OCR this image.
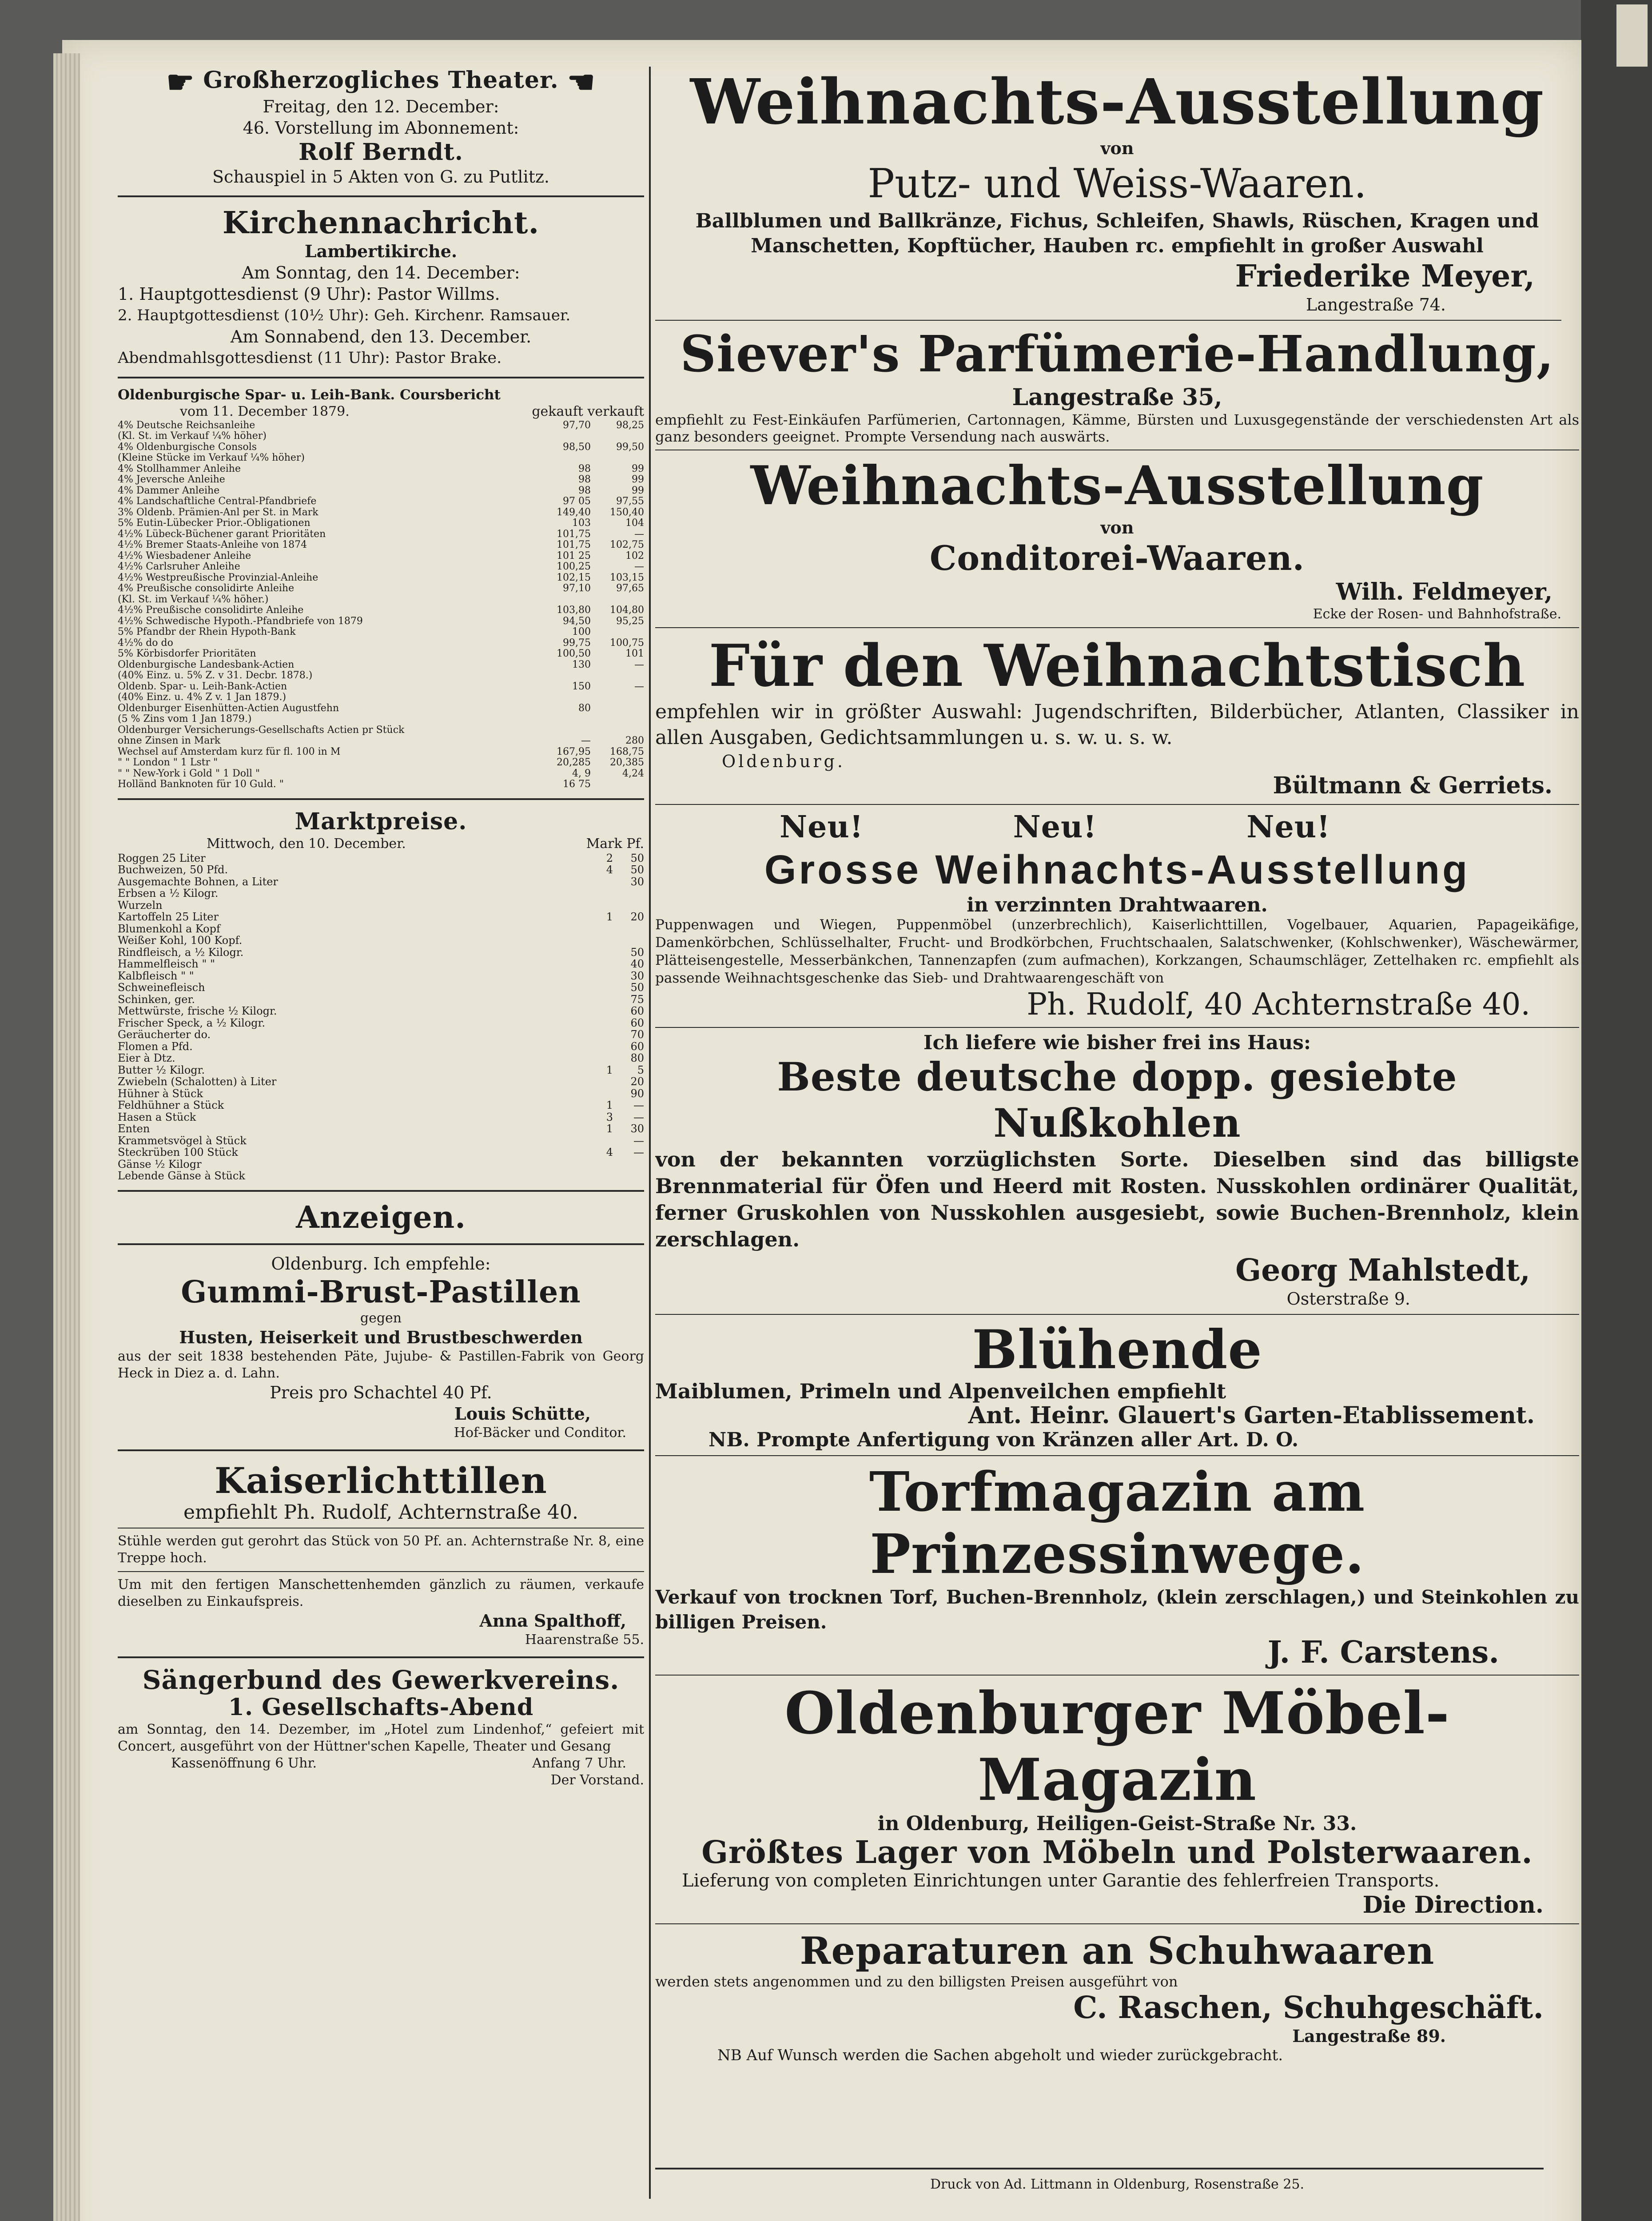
☛ Großherzogliches Theater. ☚
Freitag, den 12. December:
46. Vorstellung im Abonnement:
Rolf Berndt.
Schauspiel in 5 Akten von G. zu Putlitz.
Kirchennachricht.
Lambertikirche.
Am Sonntag, den 14. December:
1. Hauptgottesdienst (9 Uhr): Pastor Willms.
2. Hauptgottesdienst (10½ Uhr): Geh. Kirchenr. Ramsauer.
Am Sonnabend, den 13. December.
Abendmahlsgottesdienst (11 Uhr): Pastor Brake.
Oldenburgische Spar- u. Leih-Bank. Coursbericht
vom 11. December 1879.	gekauft verkauft
4% Deutsche Reichsanleihe	97,70	98,25
(Kl. St. im Verkauf ¼% höher)		
4% Oldenburgische Consols	98,50	99,50
(Kleine Stücke im Verkauf ¼% höher)		
4% Stollhammer Anleihe	98	99
4% Jeversche Anleihe	98	99
4% Dammer Anleihe	98	99
4% Landschaftliche Central-Pfandbriefe	97 05	97,55
3% Oldenb. Prämien-Anl per St. in Mark	149,40	150,40
5% Eutin-Lübecker Prior.-Obligationen	103	104
4½% Lübeck-Büchener garant Prioritäten	101,75	—
4½% Bremer Staats-Anleihe von 1874	101,75	102,75
4½% Wiesbadener Anleihe	101 25	102
4½% Carlsruher Anleihe	100,25	—
4½% Westpreußische Provinzial-Anleihe	102,15	103,15
4% Preußische consolidirte Anleihe	97,10	97,65
(Kl. St. im Verkauf ¼% höher.)		
4½% Preußische consolidirte Anleihe	103,80	104,80
4½% Schwedische Hypoth.-Pfandbriefe von 1879	94,50	95,25
5% Pfandbr der Rhein Hypoth-Bank	100	
4½% do do	99,75	100,75
5% Körbisdorfer Prioritäten	100,50	101
Oldenburgische Landesbank-Actien	130	—
(40% Einz. u. 5% Z. v 31. Decbr. 1878.)		
Oldenb. Spar- u. Leih-Bank-Actien	150	—
(40% Einz. u. 4% Z v. 1 Jan 1879.)		
Oldenburger Eisenhütten-Actien Augustfehn	80	
(5 % Zins vom 1 Jan 1879.)		
Oldenburger Versicherungs-Gesellschafts Actien pr Stück		
ohne Zinsen in Mark	—	280
Wechsel auf Amsterdam kurz für fl. 100 in M	167,95	168,75
" " London " 1 Lstr "	20,285	20,385
" " New-York i Gold " 1 Doll "	4, 9	4,24
Holländ Banknoten für 10 Guld. "	16 75	
Marktpreise.
Mittwoch, den 10. December.	Mark Pf.
Roggen 25 Liter	2	50
Buchweizen, 50 Pfd.	4	50
Ausgemachte Bohnen, a Liter		30
Erbsen a ½ Kilogr.		
Wurzeln		
Kartoffeln 25 Liter	1	20
Blumenkohl a Kopf		
Weißer Kohl, 100 Kopf.		
Rindfleisch, a ½ Kilogr.		50
Hammelfleisch " "		40
Kalbfleisch " "		30
Schweinefleisch		50
Schinken, ger.		75
Mettwürste, frische ½ Kilogr.		60
Frischer Speck, a ½ Kilogr.		60
Geräucherter do.		70
Flomen a Pfd.		60
Eier à Dtz.		80
Butter ½ Kilogr.	1	5
Zwiebeln (Schalotten) à Liter		20
Hühner à Stück		90
Feldhühner a Stück	1	—
Hasen a Stück	3	—
Enten	1	30
Krammetsvögel à Stück		—
Steckrüben 100 Stück	4	—
Gänse ½ Kilogr		
Lebende Gänse à Stück		
Anzeigen.
Oldenburg. Ich empfehle:
Gummi-Brust-Pastillen
gegen
Husten, Heiserkeit und Brustbeschwerden
aus der seit 1838 bestehenden Päte, Jujube- & Pastillen-Fabrik von Georg Heck in Diez a. d. Lahn.
Preis pro Schachtel 40 Pf.
Louis Schütte,
Hof-Bäcker und Conditor.
Kaiserlichttillen
empfiehlt Ph. Rudolf, Achternstraße 40.
Stühle werden gut gerohrt das Stück von 50 Pf. an. Achternstraße Nr. 8, eine Treppe hoch.
Um mit den fertigen Manschettenhemden gänzlich zu räumen, verkaufe dieselben zu Einkaufspreis.
Anna Spalthoff,
Haarenstraße 55.
Sängerbund des Gewerkvereins.
1. Gesellschafts-Abend
am Sonntag, den 14. Dezember, im „Hotel zum Lindenhof,“ gefeiert mit Concert, ausgeführt von der Hüttner'schen Kapelle, Theater und Gesang
Kassenöffnung 6 Uhr.	Anfang 7 Uhr.
Der Vorstand.
Weihnachts-Ausstellung
von
Putz- und Weiss-Waaren.
Ballblumen und Ballkränze, Fichus, Schleifen, Shawls, Rüschen, Kragen und Manschetten, Kopftücher, Hauben rc. empfiehlt in großer Auswahl
Friederike Meyer,
Langestraße 74.
Siever's Parfümerie-Handlung,
Langestraße 35,
empfiehlt zu Fest-Einkäufen Parfümerien, Cartonnagen, Kämme, Bürsten und Luxusgegenstände der verschiedensten Art als ganz besonders geeignet. Prompte Versendung nach auswärts.
Weihnachts-Ausstellung
von
Conditorei-Waaren.
Wilh. Feldmeyer,
Ecke der Rosen- und Bahnhofstraße.
Für den Weihnachtstisch
empfehlen wir in größter Auswahl: Jugendschriften, Bilderbücher, Atlanten, Classiker in allen Ausgaben, Gedichtsammlungen u. s. w. u. s. w.
Oldenburg.
Bültmann & Gerriets.
Neu!	Neu!	Neu!
Grosse Weihnachts-Ausstellung
in verzinnten Drahtwaaren.
Puppenwagen und Wiegen, Puppenmöbel (unzerbrechlich), Kaiserlichttillen, Vogelbauer, Aquarien, Papageikäfige, Damenkörbchen, Schlüsselhalter, Frucht- und Brodkörbchen, Fruchtschaalen, Salatschwenker, (Kohlschwenker), Wäschewärmer, Plätteisengestelle, Messerbänkchen, Tannenzapfen (zum aufmachen), Korkzangen, Schaumschläger, Zettelhaken rc. empfiehlt als passende Weihnachtsgeschenke das Sieb- und Drahtwaarengeschäft von
Ph. Rudolf, 40 Achternstraße 40.
Ich liefere wie bisher frei ins Haus:
Beste deutsche dopp. gesiebte Nußkohlen
von der bekannten vorzüglichsten Sorte. Dieselben sind das billigste Brennmaterial für Öfen und Heerd mit Rosten. Nusskohlen ordinärer Qualität, ferner Gruskohlen von Nusskohlen ausgesiebt, sowie Buchen-Brennholz, klein zerschlagen.
Georg Mahlstedt,
Osterstraße 9.
Blühende
Maiblumen, Primeln und Alpenveilchen empfiehlt
Ant. Heinr. Glauert's Garten-Etablissement.
NB. Prompte Anfertigung von Kränzen aller Art. D. O.
Torfmagazin am Prinzessinwege.
Verkauf von trocknen Torf, Buchen-Brennholz, (klein zerschlagen,) und Steinkohlen zu billigen Preisen.
J. F. Carstens.
Oldenburger Möbel-Magazin
in Oldenburg, Heiligen-Geist-Straße Nr. 33.
Größtes Lager von Möbeln und Polsterwaaren.
Lieferung von completen Einrichtungen unter Garantie des fehlerfreien Transports.
Die Direction.
Reparaturen an Schuhwaaren
werden stets angenommen und zu den billigsten Preisen ausgeführt von
C. Raschen, Schuhgeschäft.
Langestraße 89.
NB Auf Wunsch werden die Sachen abgeholt und wieder zurückgebracht.
Druck von Ad. Littmann in Oldenburg, Rosenstraße 25.
